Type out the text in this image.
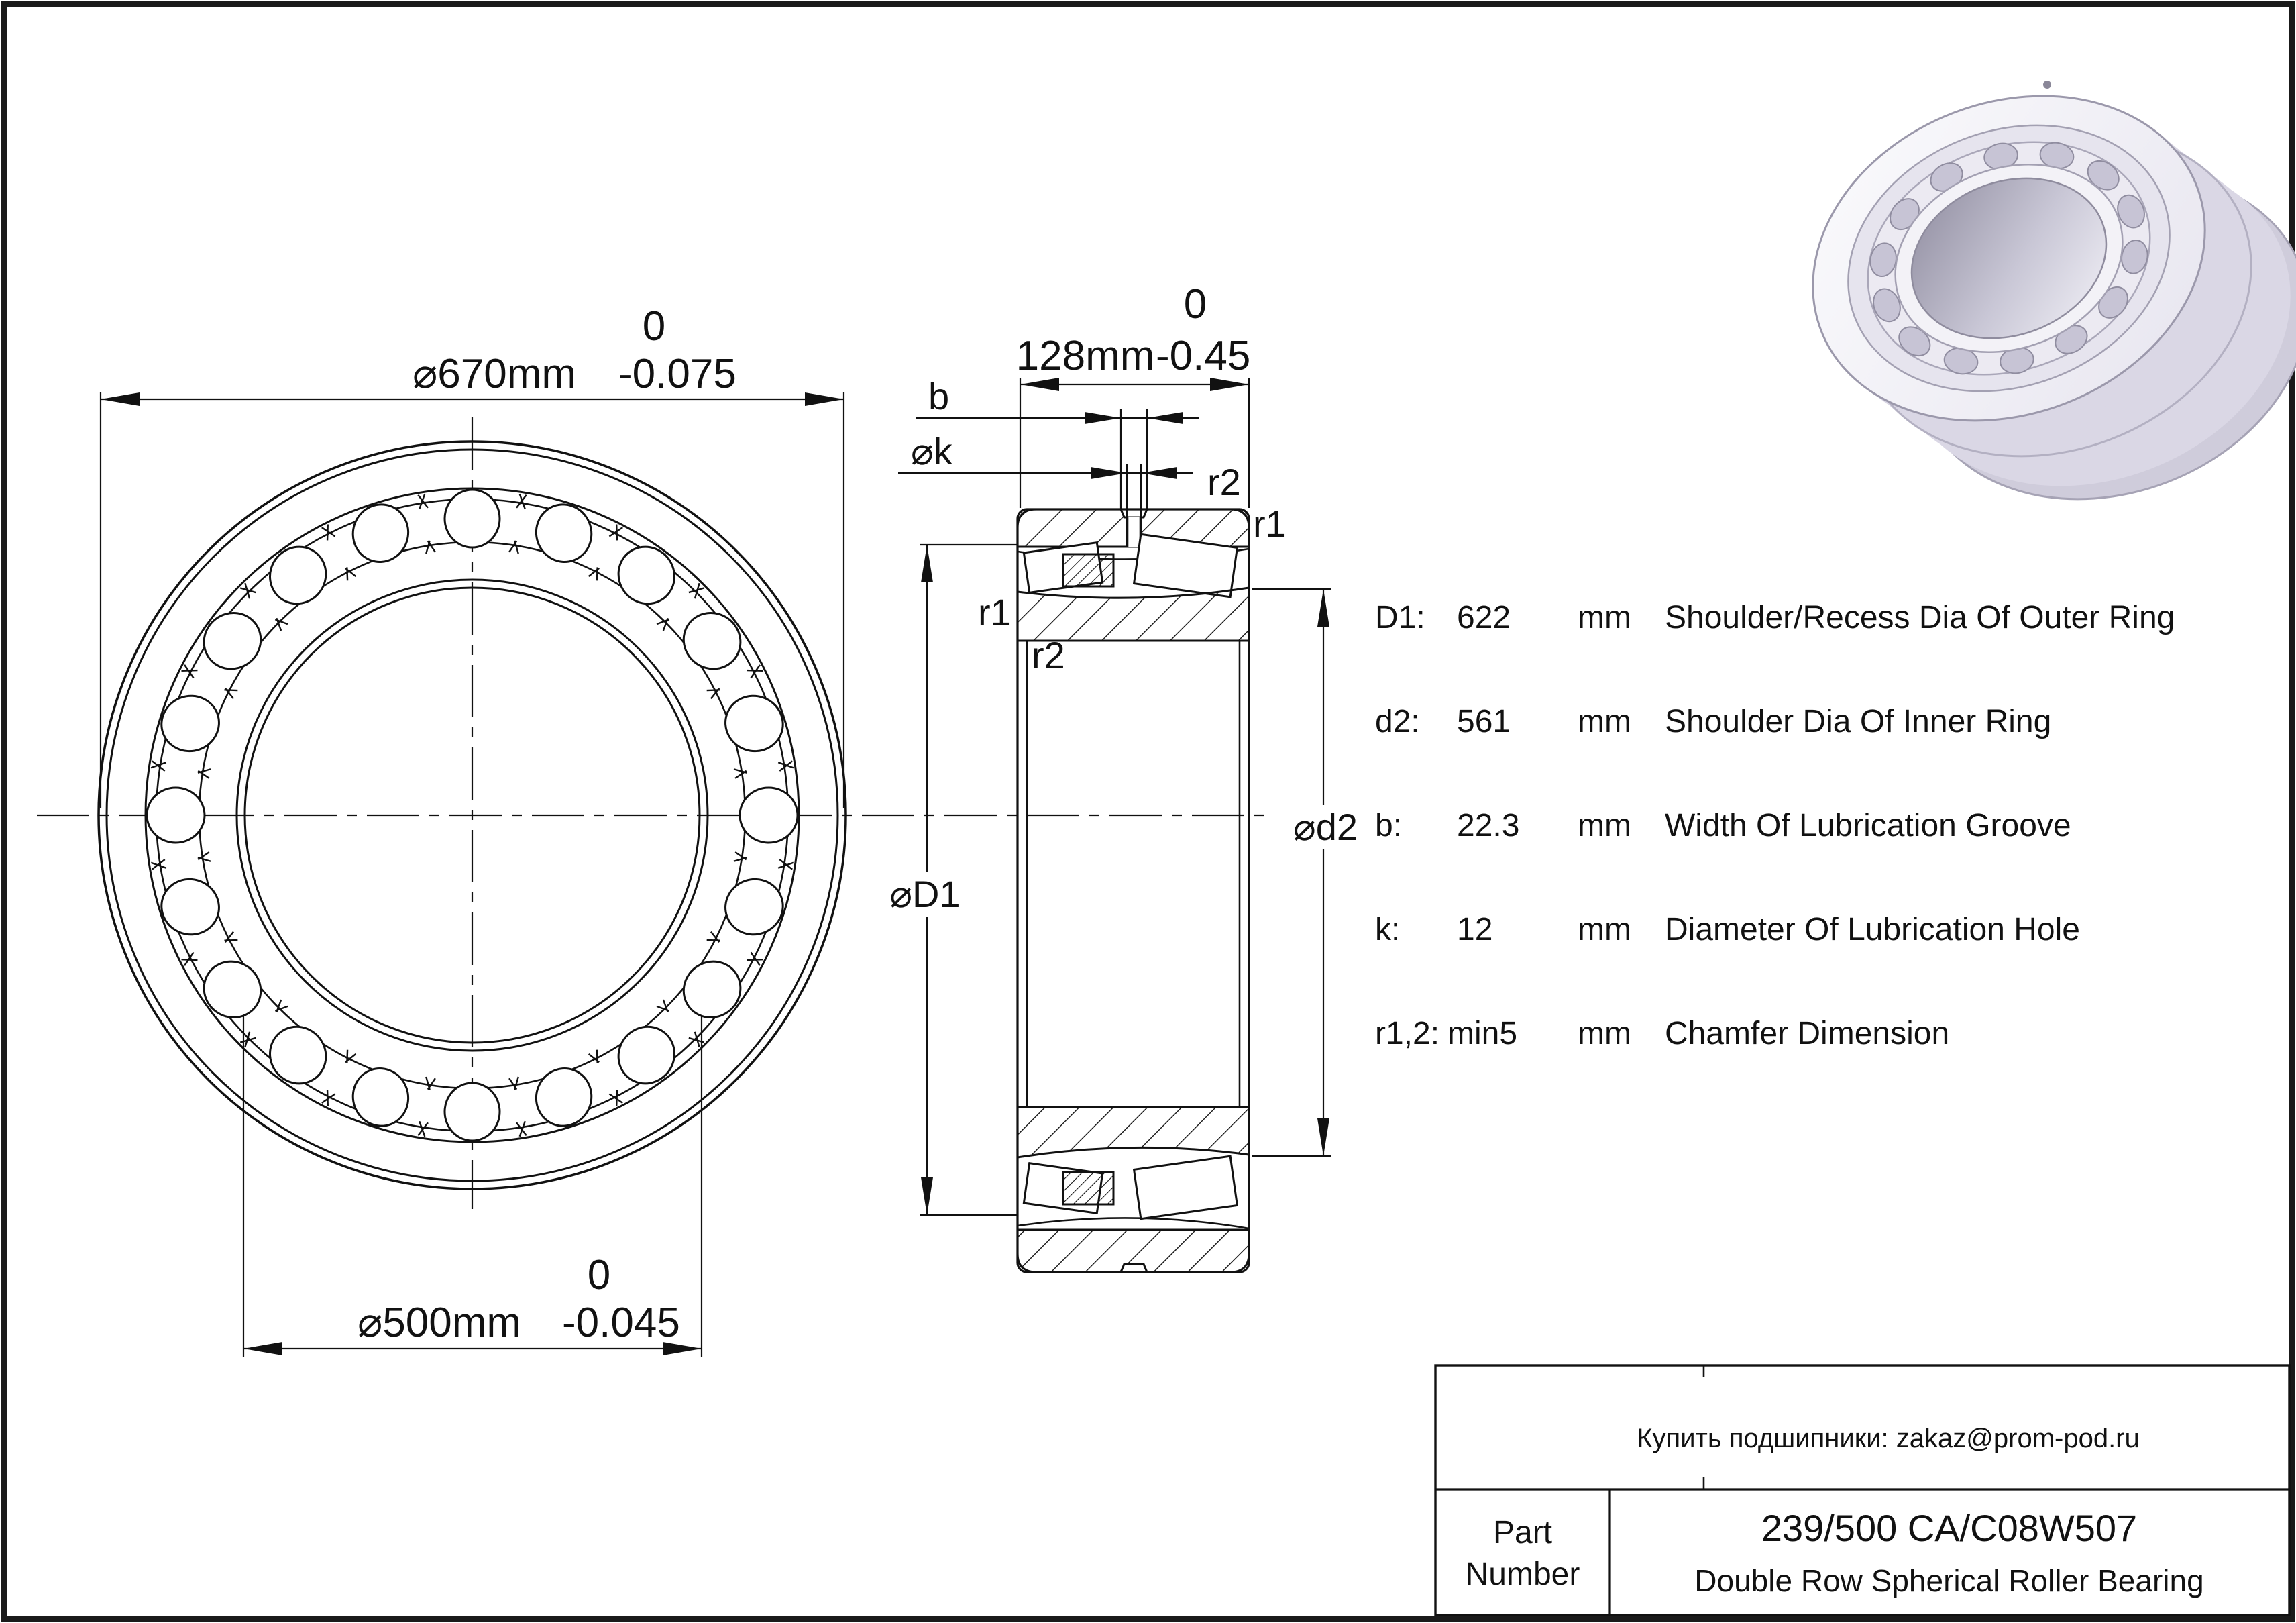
⌀670mm
0
-0.075
⌀500mm
0
-0.045
128mm
0
-0.45
b
⌀k
r1
r2
r1
r2
⌀D1
⌀d2
D1: 622 mm Shoulder/Recess Dia Of Outer Ring
d2: 561 mm Shoulder Dia Of Inner Ring
b: 22.3 mm Width Of Lubrication Groove
k: 12	mm Diameter Of Lubrication Hole
r1,2: min5 mm Chamfer Dimension
Купить подшипники: zakaz@prom-pod.ru
Part
Number
239/500 CA/C08W507
Double Row Spherical Roller Bearing
